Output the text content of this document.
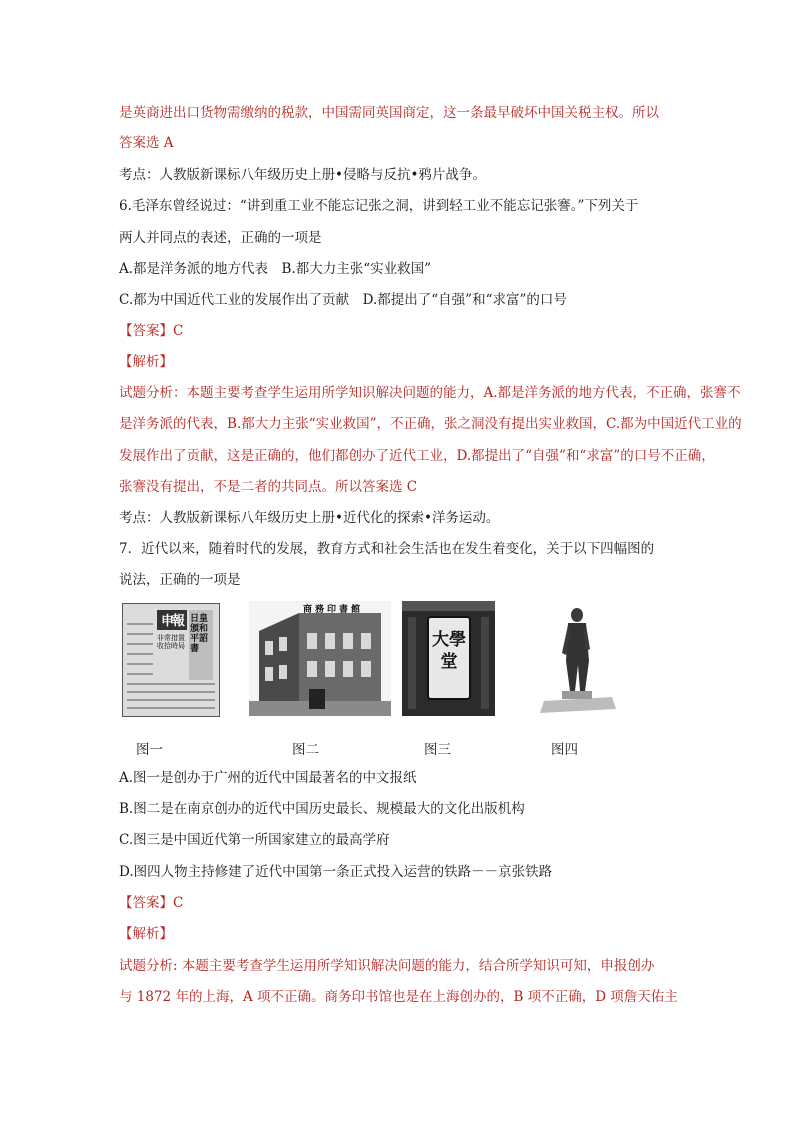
是英商进出口货物需缴纳的税款，中国需同英国商定，这一条最早破坏中国关税主权。所以
答案选 A
考点：人教版新课标八年级历史上册•侵略与反抗•鸦片战争。
6.毛泽东曾经说过：“讲到重工业不能忘记张之洞，讲到轻工业不能忘记张謇。”下列关于
两人并同点的表述，正确的一项是
A.都是洋务派的地方代表　B.都大力主张“实业救国”
C.都为中国近代工业的发展作出了贡献　D.都提出了“自强”和“求富”的口号
【答案】C
【解析】
试题分析：本题主要考查学生运用所学知识解决问题的能力，A.都是洋务派的地方代表，不正确，张謇不
是洋务派的代表，B.都大力主张“实业救国”，不正确，张之洞没有提出实业救国，C.都为中国近代工业的
发展作出了贡献，这是正确的，他们都创办了近代工业，D.都提出了“自强”和“求富”的口号不正确，
张謇没有提出，不是二者的共同点。所以答案选 C
考点：人教版新课标八年级历史上册•近代化的探索•洋务运动。
7．近代以来，随着时代的发展，教育方式和社会生活也在发生着变化，关于以下四幅图的
说法，正确的一项是
申報
非常措置收拾時局
日皇頒和平詔書
商務印書館
大學堂
图一	图二	图三	图四
A.图一是创办于广州的近代中国最著名的中文报纸
B.图二是在南京创办的近代中国历史最长、规模最大的文化出版机构
C.图三是中国近代第一所国家建立的最高学府
D.图四人物主持修建了近代中国第一条正式投入运营的铁路－－京张铁路
【答案】C
【解析】
试题分析: 本题主要考查学生运用所学知识解决问题的能力，结合所学知识可知，申报创办
与 1872 年的上海，A 项不正确。商务印书馆也是在上海创办的，B 项不正确，D 项詹天佑主
